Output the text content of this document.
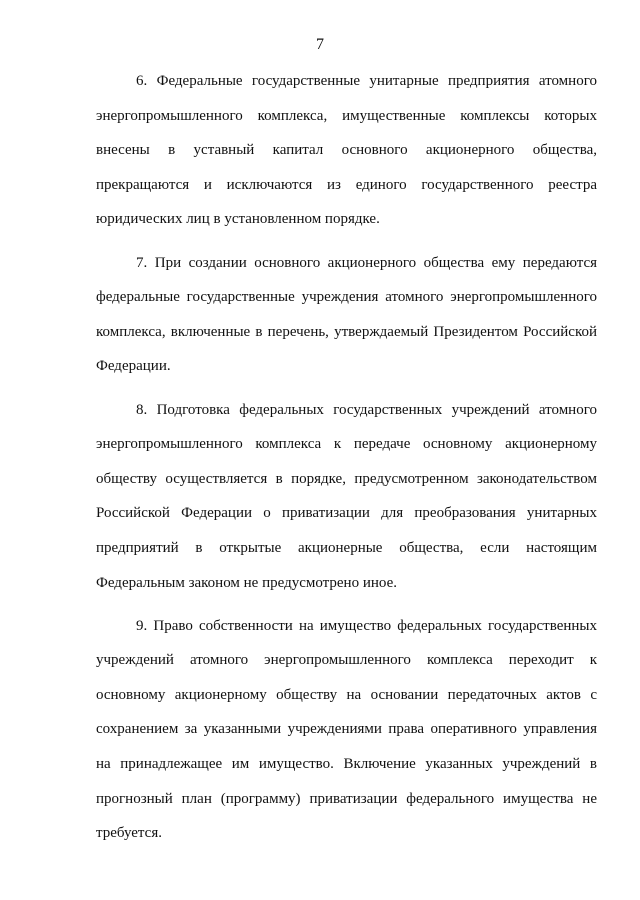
7

6. Федеральные государственные унитарные предприятия атомного энергопромышленного комплекса, имущественные комплексы которых внесены в уставный капитал основного акционерного общества, прекращаются и исключаются из единого государственного реестра юридических лиц в установленном порядке.

7. При создании основного акционерного общества ему передаются федеральные государственные учреждения атомного энергопромышленного комплекса, включенные в перечень, утверждаемый Президентом Российской Федерации.

8. Подготовка федеральных государственных учреждений атомного энергопромышленного комплекса к передаче основному акционерному обществу осуществляется в порядке, предусмотренном законодательством Российской Федерации о приватизации для преобразования унитарных предприятий в открытые акционерные общества, если настоящим Федеральным законом не предусмотрено иное.

9. Право собственности на имущество федеральных государственных учреждений атомного энергопромышленного комплекса переходит к основному акционерному обществу на основании передаточных актов с сохранением за указанными учреждениями права оперативного управления на принадлежащее им имущество. Включение указанных учреждений в прогнозный план (программу) приватизации федерального имущества не требуется.
